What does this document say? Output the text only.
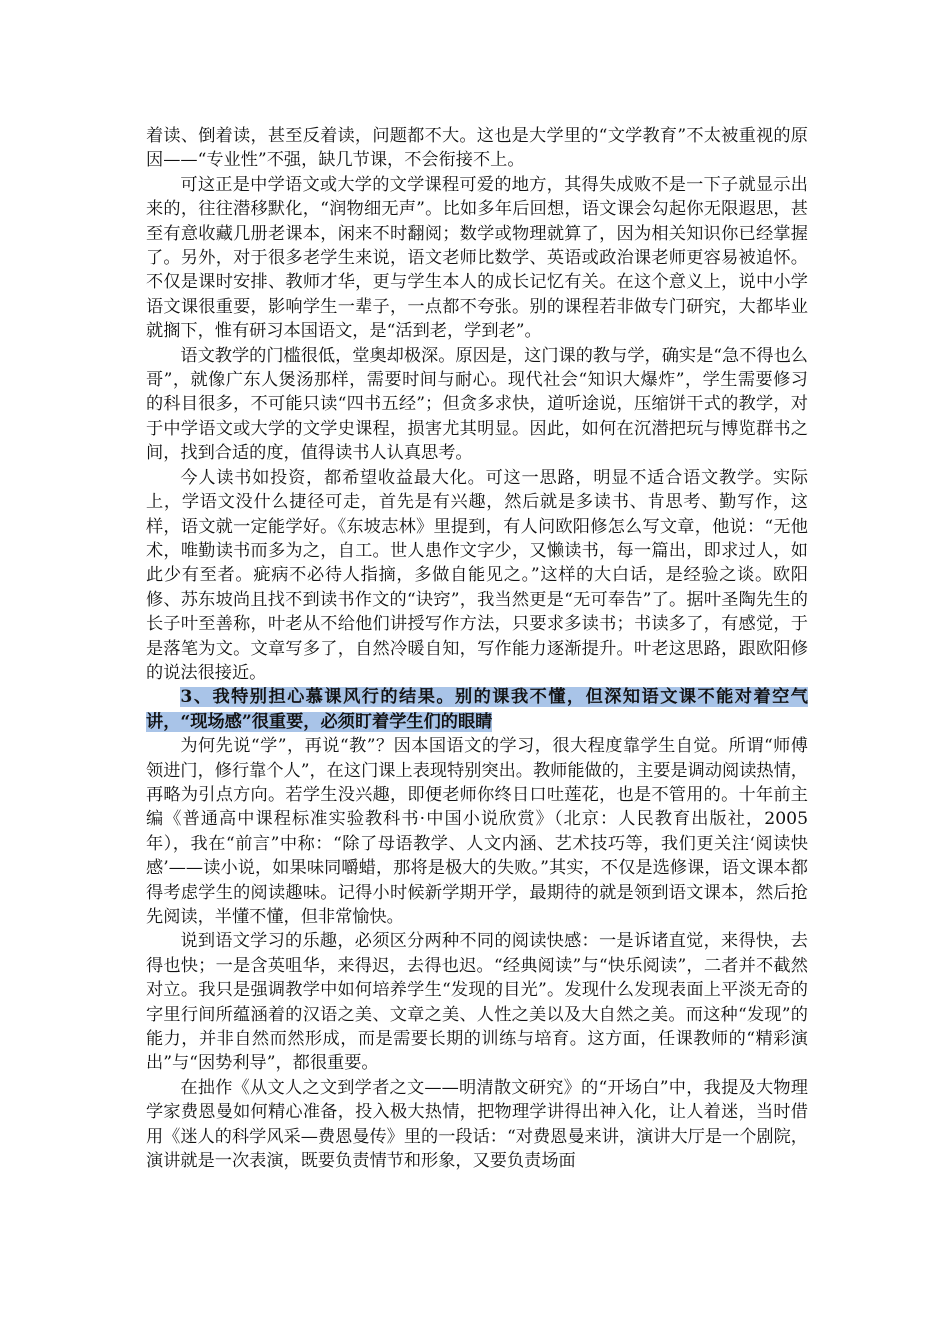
着读、倒着读，甚至反着读，问题都不大。这也是大学里的“文学教育”不太被重视的原因——“专业性”不强，缺几节课，不会衔接不上。

可这正是中学语文或大学的文学课程可爱的地方，其得失成败不是一下子就显示出来的，往往潜移默化，“润物细无声”。比如多年后回想，语文课会勾起你无限遐思，甚至有意收藏几册老课本，闲来不时翻阅；数学或物理就算了，因为相关知识你已经掌握了。另外，对于很多老学生来说，语文老师比数学、英语或政治课老师更容易被追怀。不仅是课时安排、教师才华，更与学生本人的成长记忆有关。在这个意义上，说中小学语文课很重要，影响学生一辈子，一点都不夸张。别的课程若非做专门研究，大都毕业就搁下，惟有研习本国语文，是“活到老，学到老”。

语文教学的门槛很低，堂奥却极深。原因是，这门课的教与学，确实是“急不得也么哥”，就像广东人煲汤那样，需要时间与耐心。现代社会“知识大爆炸”，学生需要修习的科目很多，不可能只读“四书五经”；但贪多求快，道听途说，压缩饼干式的教学，对于中学语文或大学的文学史课程，损害尤其明显。因此，如何在沉潜把玩与博览群书之间，找到合适的度，值得读书人认真思考。

今人读书如投资，都希望收益最大化。可这一思路，明显不适合语文教学。实际上，学语文没什么捷径可走，首先是有兴趣，然后就是多读书、肯思考、勤写作，这样，语文就一定能学好。《东坡志林》里提到，有人问欧阳修怎么写文章，他说：“无他术，唯勤读书而多为之，自工。世人患作文字少，又懒读书，每一篇出，即求过人，如此少有至者。疵病不必待人指摘，多做自能见之。”这样的大白话，是经验之谈。欧阳修、苏东坡尚且找不到读书作文的“诀窍”，我当然更是“无可奉告”了。据叶圣陶先生的长子叶至善称，叶老从不给他们讲授写作方法，只要求多读书；书读多了，有感觉，于是落笔为文。文章写多了，自然冷暖自知，写作能力逐渐提升。叶老这思路，跟欧阳修的说法很接近。

3、我特别担心慕课风行的结果。别的课我不懂，但深知语文课不能对着空气讲，“现场感”很重要，必须盯着学生们的眼睛

为何先说“学”，再说“教”？因本国语文的学习，很大程度靠学生自觉。所谓“师傅领进门，修行靠个人”，在这门课上表现特别突出。教师能做的，主要是调动阅读热情，再略为引点方向。若学生没兴趣，即便老师你终日口吐莲花，也是不管用的。十年前主编《普通高中课程标准实验教科书·中国小说欣赏》（北京：人民教育出版社，2005年），我在“前言”中称：“除了母语教学、人文内涵、艺术技巧等，我们更关注‘阅读快感’——读小说，如果味同嚼蜡，那将是极大的失败。”其实，不仅是选修课，语文课本都得考虑学生的阅读趣味。记得小时候新学期开学，最期待的就是领到语文课本，然后抢先阅读，半懂不懂，但非常愉快。

说到语文学习的乐趣，必须区分两种不同的阅读快感：一是诉诸直觉，来得快，去得也快；一是含英咀华，来得迟，去得也迟。“经典阅读”与“快乐阅读”，二者并不截然对立。我只是强调教学中如何培养学生“发现的目光”。发现什么发现表面上平淡无奇的字里行间所蕴涵着的汉语之美、文章之美、人性之美以及大自然之美。而这种“发现”的能力，并非自然而然形成，而是需要长期的训练与培育。这方面，任课教师的“精彩演出”与“因势利导”，都很重要。

在拙作《从文人之文到学者之文——明清散文研究》的“开场白”中，我提及大物理学家费恩曼如何精心准备，投入极大热情，把物理学讲得出神入化，让人着迷，当时借用《迷人的科学风采—费恩曼传》里的一段话：“对费恩曼来讲，演讲大厅是一个剧院，演讲就是一次表演，既要负责情节和形象，又要负责场面
